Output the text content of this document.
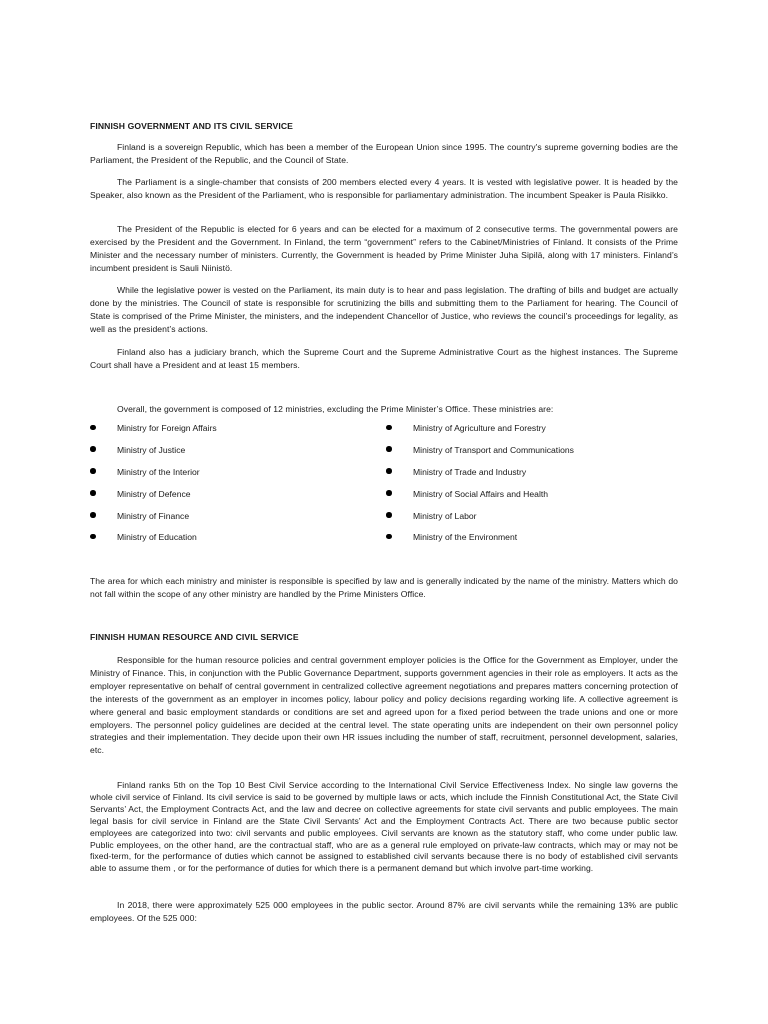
FINNISH GOVERNMENT AND ITS CIVIL SERVICE

Finland is a sovereign Republic, which has been a member of the European Union since 1995. The country's supreme governing bodies are the Parliament, the President of the Republic, and the Council of State.

The Parliament is a single-chamber that consists of 200 members elected every 4 years. It is vested with legislative power. It is headed by the Speaker, also known as the President of the Parliament, who is responsible for parliamentary administration. The incumbent Speaker is Paula Risikko.

The President of the Republic is elected for 6 years and can be elected for a maximum of 2 consecutive terms. The governmental powers are exercised by the President and the Government. In Finland, the term “government” refers to the Cabinet/Ministries of Finland. It consists of the Prime Minister and the necessary number of ministers. Currently, the Government is headed by Prime Minister Juha Sipilä, along with 17 ministers. Finland’s incumbent president is Sauli Niinistö.

While the legislative power is vested on the Parliament, its main duty is to hear and pass legislation. The drafting of bills and budget are actually done by the ministries. The Council of state is responsible for scrutinizing the bills and submitting them to the Parliament for hearing. The Council of State is comprised of the Prime Minister, the ministers, and the independent Chancellor of Justice, who reviews the council’s proceedings for legality, as well as the president’s actions.

Finland also has a judiciary branch, which the Supreme Court and the Supreme Administrative Court as the highest instances. The Supreme Court shall have a President and at least 15 members.

Overall, the government is composed of 12 ministries, excluding the Prime Minister’s Office. These ministries are:

Ministry for Foreign Affairs
Ministry of Justice
Ministry of the Interior
Ministry of Defence
Ministry of Finance
Ministry of Education
Ministry of Agriculture and Forestry
Ministry of Transport and Communications
Ministry of Trade and Industry
Ministry of Social Affairs and Health
Ministry of Labor
Ministry of the Environment

The area for which each ministry and minister is responsible is specified by law and is generally indicated by the name of the ministry. Matters which do not fall within the scope of any other ministry are handled by the Prime Ministers Office.

FINNISH HUMAN RESOURCE AND CIVIL SERVICE

Responsible for the human resource policies and central government employer policies is the Office for the Government as Employer, under the Ministry of Finance. This, in conjunction with the Public Governance Department, supports government agencies in their role as employers. It acts as the employer representative on behalf of central government in centralized collective agreement negotiations and prepares matters concerning protection of the interests of the government as an employer in incomes policy, labour policy and policy decisions regarding working life. A collective agreement is where general and basic employment standards or conditions are set and agreed upon for a fixed period between the trade unions and one or more employers. The personnel policy guidelines are decided at the central level. The state operating units are independent on their own personnel policy strategies and their implementation. They decide upon their own HR issues including the number of staff, recruitment, personnel development, salaries, etc.

Finland ranks 5th on the Top 10 Best Civil Service according to the International Civil Service Effectiveness Index. No single law governs the whole civil service of Finland. Its civil service is said to be governed by multiple laws or acts, which include the Finnish Constitutional Act, the State Civil Servants’ Act, the Employment Contracts Act, and the law and decree on collective agreements for state civil servants and public employees. The main legal basis for civil service in Finland are the State Civil Servants’ Act and the Employment Contracts Act. There are two because public sector employees are categorized into two: civil servants and public employees. Civil servants are known as the statutory staff, who come under public law. Public employees, on the other hand, are the contractual staff, who are as a general rule employed on private-law contracts, which may or may not be fixed-term, for the performance of duties which cannot be assigned to established civil servants because there is no body of established civil servants able to assume them , or for the performance of duties for which there is a permanent demand but which involve part-time working.

In 2018, there were approximately 525 000 employees in the public sector. Around 87% are civil servants while the remaining 13% are public employees. Of the 525 000:
